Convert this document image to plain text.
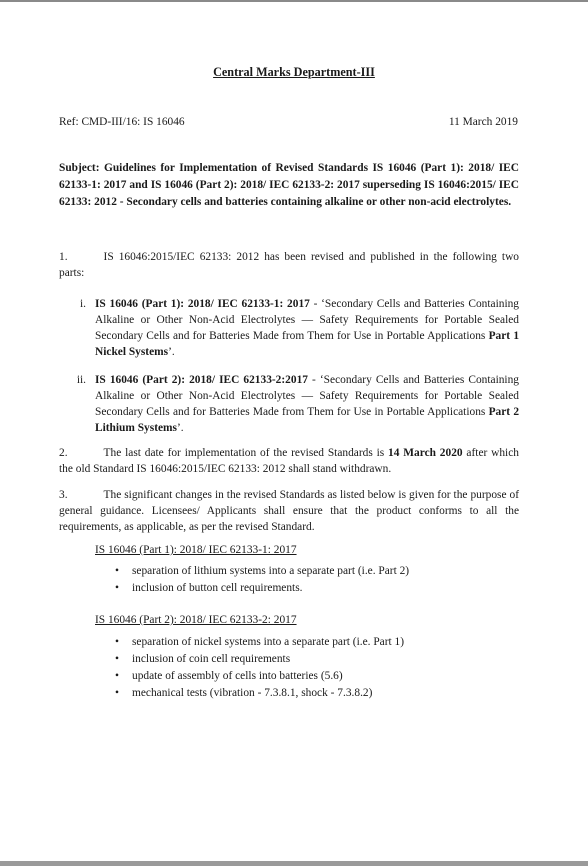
Central Marks Department-III
Ref: CMD-III/16: IS 16046	11 March 2019
Subject: Guidelines for Implementation of Revised Standards IS 16046 (Part 1): 2018/ IEC 62133-1: 2017 and IS 16046 (Part 2): 2018/ IEC 62133-2: 2017 superseding IS 16046:2015/ IEC 62133: 2012 - Secondary cells and batteries containing alkaline or other non-acid electrolytes.
1.	IS 16046:2015/IEC 62133: 2012 has been revised and published in the following two parts:
i. IS 16046 (Part 1): 2018/ IEC 62133-1: 2017 - ‘Secondary Cells and Batteries Containing Alkaline or Other Non-Acid Electrolytes — Safety Requirements for Portable Sealed Secondary Cells and for Batteries Made from Them for Use in Portable Applications Part 1 Nickel Systems’.
ii. IS 16046 (Part 2): 2018/ IEC 62133-2:2017 - ‘Secondary Cells and Batteries Containing Alkaline or Other Non-Acid Electrolytes — Safety Requirements for Portable Sealed Secondary Cells and for Batteries Made from Them for Use in Portable Applications Part 2 Lithium Systems’.
2.	The last date for implementation of the revised Standards is 14 March 2020 after which the old Standard IS 16046:2015/IEC 62133: 2012 shall stand withdrawn.
3.	The significant changes in the revised Standards as listed below is given for the purpose of general guidance. Licensees/ Applicants shall ensure that the product conforms to all the requirements, as applicable, as per the revised Standard.
IS 16046 (Part 1): 2018/ IEC 62133-1: 2017
• separation of lithium systems into a separate part (i.e. Part 2)
• inclusion of button cell requirements.
IS 16046 (Part 2): 2018/ IEC 62133-2: 2017
• separation of nickel systems into a separate part (i.e. Part 1)
• inclusion of coin cell requirements
• update of assembly of cells into batteries (5.6)
• mechanical tests (vibration - 7.3.8.1, shock - 7.3.8.2)
